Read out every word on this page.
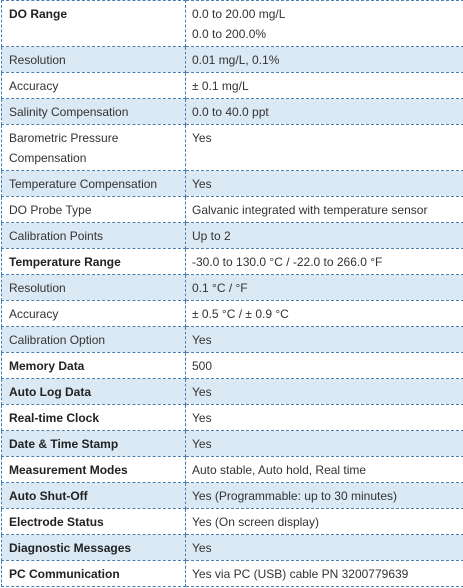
DO Range	0.0 to 20.00 mg/L
0.0 to 200.0%

Resolution	0.01 mg/L, 0.1%

Accuracy	± 0.1 mg/L

Salinity Compensation	0.0 to 40.0 ppt

Barometric Pressure Compensation	Yes

Temperature Compensation	Yes

DO Probe Type	Galvanic integrated with temperature sensor

Calibration Points	Up to 2

Temperature Range	-30.0 to 130.0 °C / -22.0 to 266.0 °F

Resolution	0.1 °C / °F

Accuracy	± 0.5 °C / ± 0.9 °C

Calibration Option	Yes

Memory Data	500

Auto Log Data	Yes

Real-time Clock	Yes

Date & Time Stamp	Yes

Measurement Modes	Auto stable, Auto hold, Real time

Auto Shut-Off	Yes (Programmable: up to 30 minutes)

Electrode Status	Yes (On screen display)

Diagnostic Messages	Yes

PC Communication	Yes via PC (USB) cable PN 3200779639
